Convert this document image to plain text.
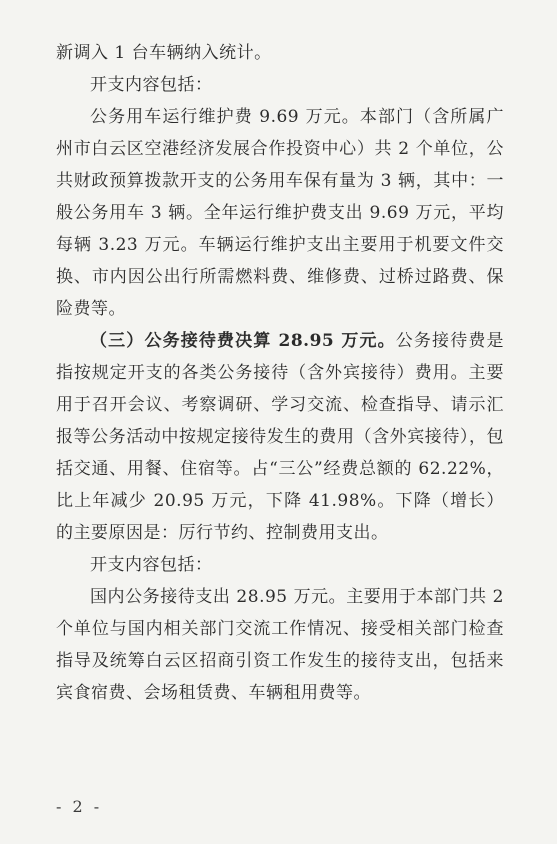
新调入 1 台车辆纳入统计。

开支内容包括：

公务用车运行维护费 9.69 万元。本部门（含所属广州市白云区空港经济发展合作投资中心）共 2 个单位，公共财政预算拨款开支的公务用车保有量为 3 辆，其中：一般公务用车 3 辆。全年运行维护费支出 9.69 万元，平均每辆 3.23 万元。车辆运行维护支出主要用于机要文件交换、市内因公出行所需燃料费、维修费、过桥过路费、保险费等。

（三）公务接待费决算 28.95 万元。公务接待费是指按规定开支的各类公务接待（含外宾接待）费用。主要用于召开会议、考察调研、学习交流、检查指导、请示汇报等公务活动中按规定接待发生的费用（含外宾接待），包括交通、用餐、住宿等。占“三公”经费总额的 62.22%，比上年减少 20.95 万元，下降 41.98%。下降（增长）的主要原因是：厉行节约、控制费用支出。

开支内容包括：

国内公务接待支出 28.95 万元。主要用于本部门共 2 个单位与国内相关部门交流工作情况、接受相关部门检查指导及统筹白云区招商引资工作发生的接待支出，包括来宾食宿费、会场租赁费、车辆租用费等。

- 2 -
